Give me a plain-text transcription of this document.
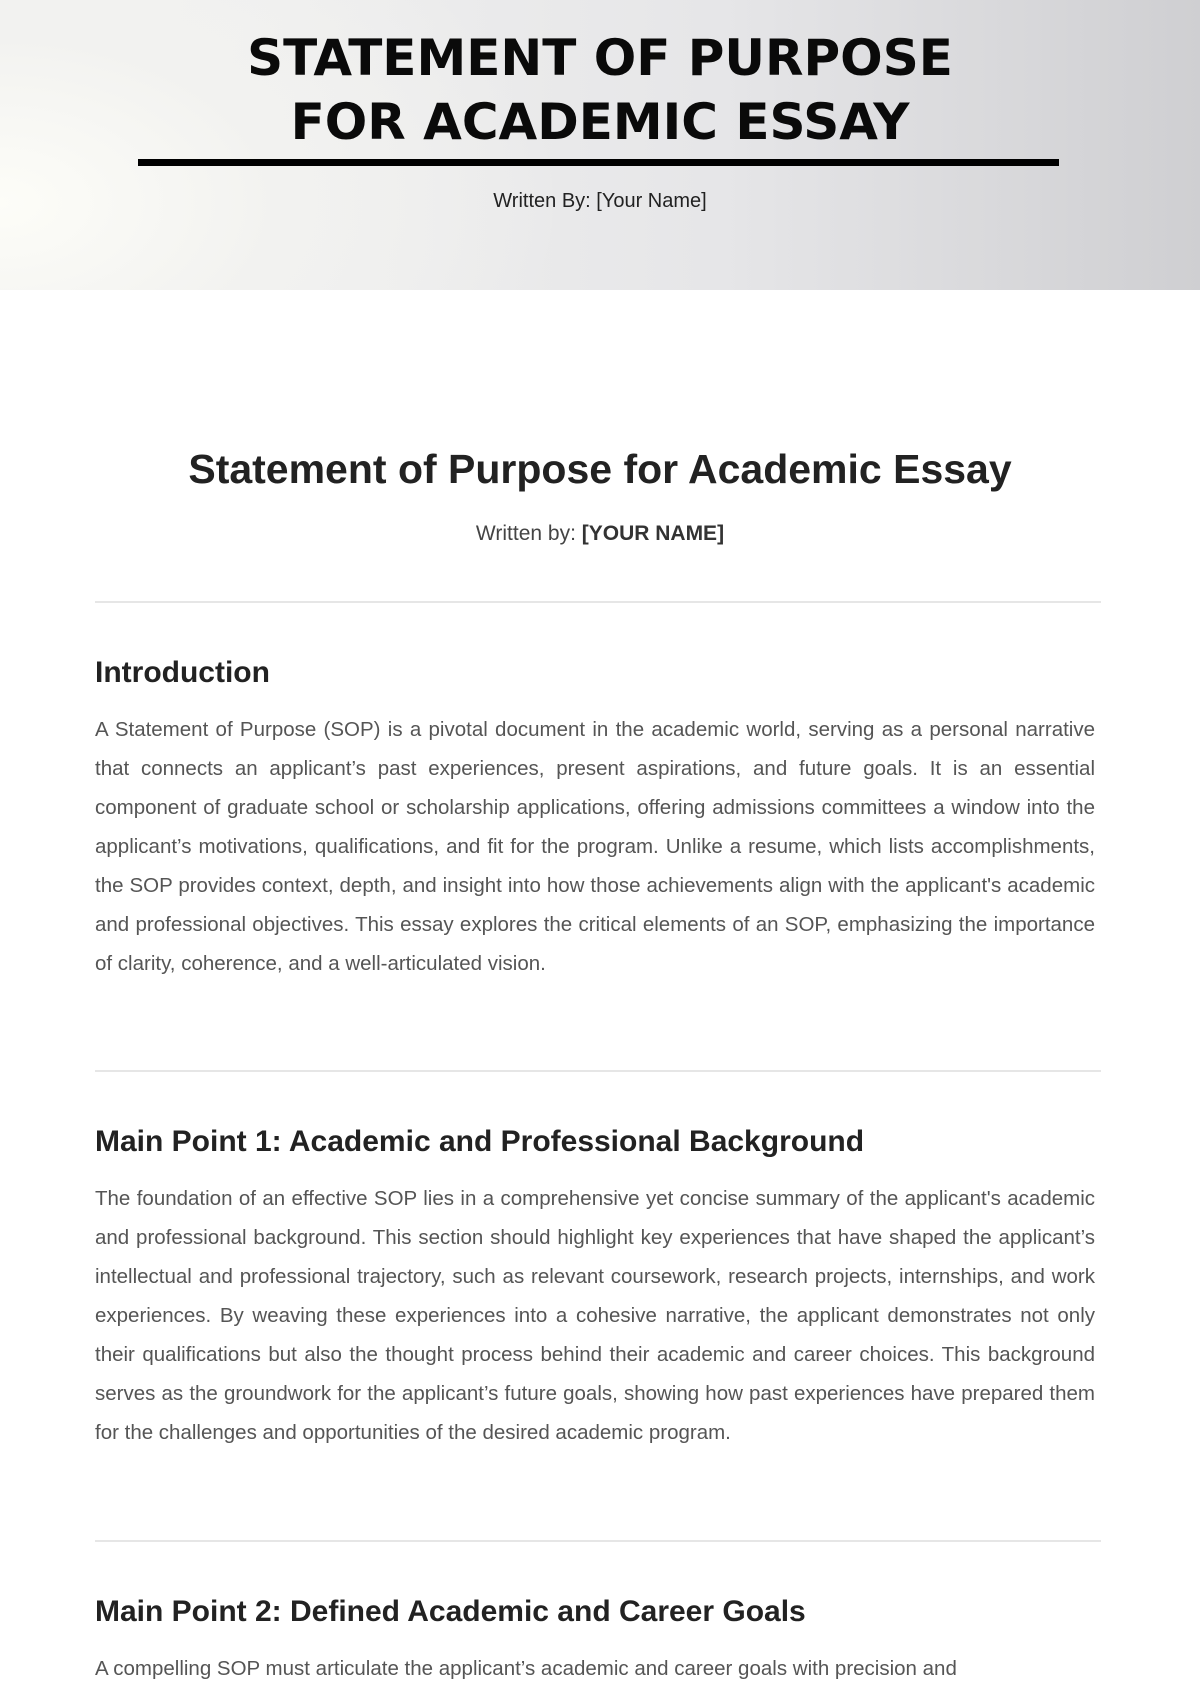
STATEMENT OF PURPOSE
FOR ACADEMIC ESSAY
Written By: [Your Name]
Statement of Purpose for Academic Essay
Written by: [YOUR NAME]
Introduction

A Statement of Purpose (SOP) is a pivotal document in the academic world, serving as a personal narrative that connects an applicant’s past experiences, present aspirations, and future goals. It is an essential component of graduate school or scholarship applications, offering admissions committees a window into the applicant’s motivations, qualifications, and fit for the program. Unlike a resume, which lists accomplishments, the SOP provides context, depth, and insight into how those achievements align with the applicant's academic and professional objectives. This essay explores the critical elements of an SOP, emphasizing the importance of clarity, coherence, and a well-articulated vision.

Main Point 1: Academic and Professional Background

The foundation of an effective SOP lies in a comprehensive yet concise summary of the applicant's academic and professional background. This section should highlight key experiences that have shaped the applicant’s intellectual and professional trajectory, such as relevant coursework, research projects, internships, and work experiences. By weaving these experiences into a cohesive narrative, the applicant demonstrates not only their qualifications but also the thought process behind their academic and career choices. This background serves as the groundwork for the applicant’s future goals, showing how past experiences have prepared them for the challenges and opportunities of the desired academic program.

Main Point 2: Defined Academic and Career Goals

A compelling SOP must articulate the applicant’s academic and career goals with precision and
